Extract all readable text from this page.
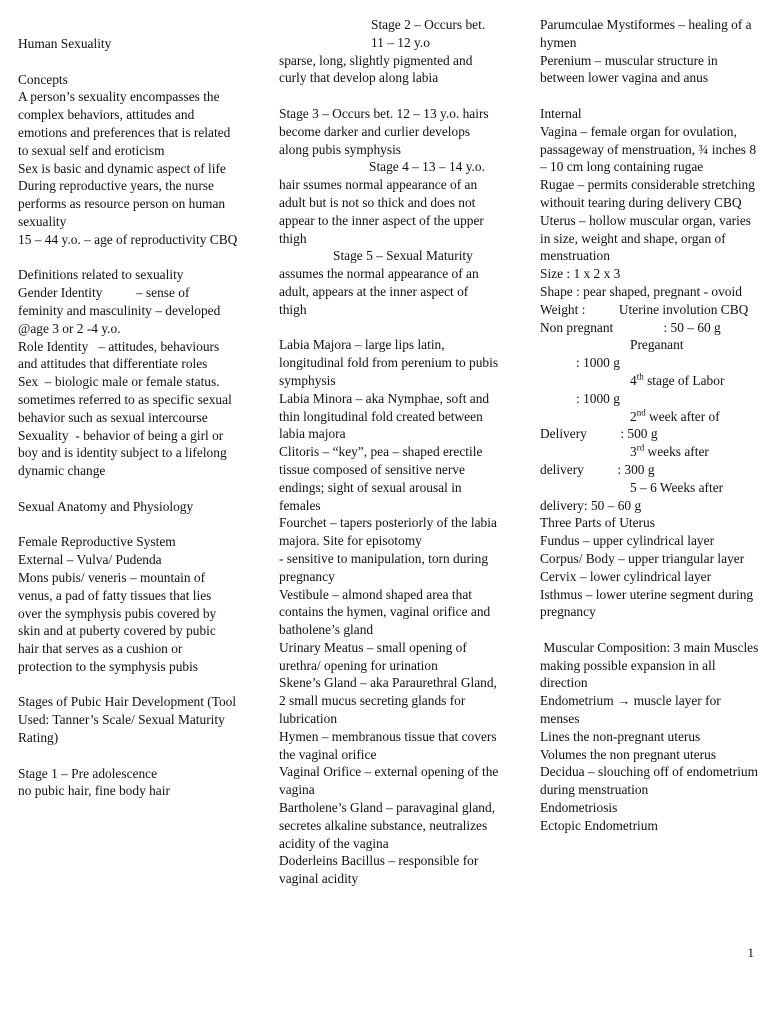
Human Sexuality
Concepts
A person’s sexuality encompasses the complex behaviors, attitudes and emotions and preferences that is related to sexual self and eroticism
Sex is basic and dynamic aspect of life
During reproductive years, the nurse performs as resource person on human sexuality
15 – 44 y.o. – age of reproductivity CBQ
Definitions related to sexuality
Gender Identity          – sense of feminity and masculinity – developed @age 3 or 2 -4 y.o.
Role Identity   – attitudes, behaviours and attitudes that differentiate roles
Sex  – biologic male or female status. sometimes referred to as specific sexual behavior such as sexual intercourse
Sexuality  - behavior of being a girl or boy and is identity subject to a lifelong dynamic change
Sexual Anatomy and Physiology
Female Reproductive System
External – Vulva/ Pudenda
Mons pubis/ veneris – mountain of venus, a pad of fatty tissues that lies over the symphysis pubis covered by skin and at puberty covered by pubic hair that serves as a cushion or protection to the symphysis pubis
Stages of Pubic Hair Development (Tool Used: Tanner’s Scale/ Sexual Maturity Rating)
Stage 1 – Pre adolescence
no pubic hair, fine body hair
Stage 2 – Occurs bet. 11 – 12 y.o
sparse, long, slightly pigmented and curly that develop along labia
Stage 3 – Occurs bet. 12 – 13 y.o. hairs become darker and curlier develops along pubis symphysis
Stage 4 – 13 – 14 y.o.
hair ssumes normal appearance of an adult but is not so thick and does not appear to the inner aspect of the upper thigh
Stage 5 – Sexual Maturity
assumes the normal appearance of an adult, appears at the inner aspect of thigh
Labia Majora – large lips latin, longitudinal fold from perenium to pubis symphysis
Labia Minora – aka Nymphae, soft and thin longitudinal fold created between labia majora
Clitoris – “key”, pea – shaped erectile tissue composed of sensitive nerve endings; sight of sexual arousal in females
Fourchet – tapers posteriorly of the labia majora. Site for episotomy
- sensitive to manipulation, torn during pregnancy
Vestibule – almond shaped area that contains the hymen, vaginal orifice and batholene’s gland
Urinary Meatus – small opening of urethra/ opening for urination
Skene’s Gland – aka Paraurethral Gland, 2 small mucus secreting glands for
lubrication
Hymen – membranous tissue that covers the vaginal orifice
Vaginal Orifice – external opening of the vagina
Bartholene’s Gland – paravaginal gland, secretes alkaline substance, neutralizes acidity of the vagina
Doderleins Bacillus – responsible for vaginal acidity
Parumculae Mystiformes – healing of a hymen
Perenium – muscular structure in between lower vagina and anus
Internal
Vagina – female organ for ovulation, passageway of menstruation, ¾ inches 8 – 10 cm long containing rugae
Rugae – permits considerable stretching withouit tearing during delivery CBQ
Uterus – hollow muscular organ, varies in size, weight and shape, organ of menstruation
Size : 1 x 2 x 3
Shape : pear shaped, pregnant - ovoid
Weight :          Uterine involution CBQ
Non pregnant               : 50 – 60 g
Preganant
: 1000 g
4th stage of Labor
: 1000 g
2nd week after of
Delivery          : 500 g
3rd weeks after
delivery          : 300 g
5 – 6 Weeks after
delivery: 50 – 60 g
Three Parts of Uterus
Fundus – upper cylindrical layer
Corpus/ Body – upper triangular layer
Cervix – lower cylindrical layer
Isthmus – lower uterine segment during pregnancy
Muscular Composition: 3 main Muscles making possible expansion in all direction
Endometrium → muscle layer for menses
Lines the non-pregnant uterus
Volumes the non pregnant uterus
Decidua – slouching off of endometrium during menstruation
Endometriosis
Ectopic Endometrium
1
